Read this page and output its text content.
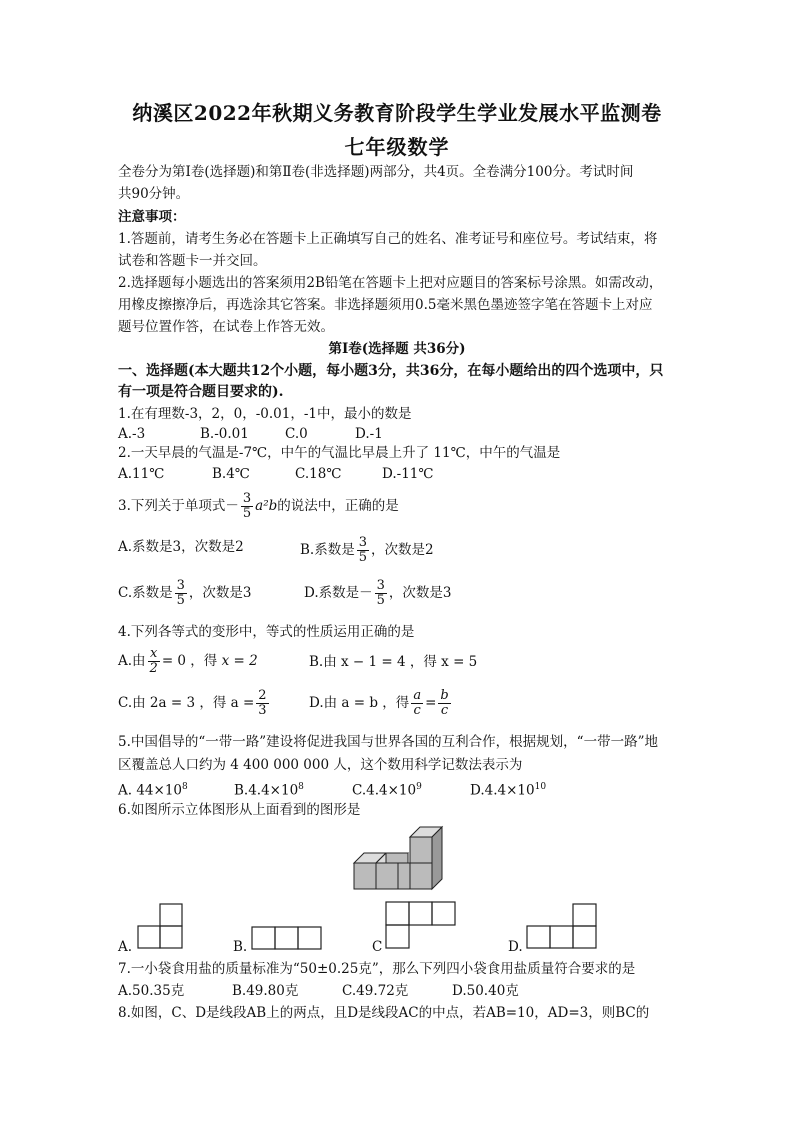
纳溪区2022年秋期义务教育阶段学生学业发展水平监测卷
七年级数学
全卷分为第Ⅰ卷(选择题)和第Ⅱ卷(非选择题)两部分，共4页。全卷满分100分。考试时间
共90分钟。
注意事项：
1.答题前，请考生务必在答题卡上正确填写自己的姓名、准考证号和座位号。考试结束，将
试卷和答题卡一并交回。
2.选择题每小题选出的答案须用2B铅笔在答题卡上把对应题目的答案标号涂黑。如需改动，
用橡皮擦擦净后，再选涂其它答案。非选择题须用0.5毫米黑色墨迹签字笔在答题卡上对应
题号位置作答，在试卷上作答无效。
第Ⅰ卷(选择题 共36分)
一、选择题(本大题共12个小题，每小题3分，共36分，在每小题给出的四个选项中，只
有一项是符合题目要求的).
1.在有理数-3，2，0，-0.01，-1中，最小的数是
A.-3	B.-0.01	C.0	D.-1
2.一天早晨的气温是-7℃，中午的气温比早晨上升了 11℃，中午的气温是
A.11℃	B.4℃	C.18℃	D.-11℃
3.下列关于单项式－ $\frac{3}{5} a^2b$的说法中，正确的是
A.系数是3，次数是2	B.系数是 $\frac{3}{5}$ ，次数是2
C.系数是 $\frac{3}{5}$ ，次数是3	D.系数是－ $\frac{3}{5}$ ，次数是3
4.下列各等式的变形中，等式的性质运用正确的是
A.由 $\frac{x}{2} = 0$ ，得 x = 2	B.由 x − 1 = 4 ，得 x = 5
C.由 2a = 3 ，得 $a = \frac{2}{3}$	D.由 a = b ，得 $\frac{a}{c} = \frac{b}{c}$
5.中国倡导的“一带一路”建设将促进我国与世界各国的互利合作，根据规划，“一带一路”地
区覆盖总人口约为 4 400 000 000 人，这个数用科学记数法表示为
A. $44\times 10^8$	$B.4.4\times 10^8$	$C.4.4\times 10^9$	$D.4.4\times 10^{10}$
6.如图所示立体图形从上面看到的图形是
A.	B.	C	D.
7.一小袋食用盐的质量标准为“50±0.25克”，那么下列四小袋食用盐质量符合要求的是
A.50.35克	B.49.80克	C.49.72克	D.50.40克
8.如图，C、D是线段AB上的两点，且D是线段AC的中点，若AB=10，AD=3，则BC的
